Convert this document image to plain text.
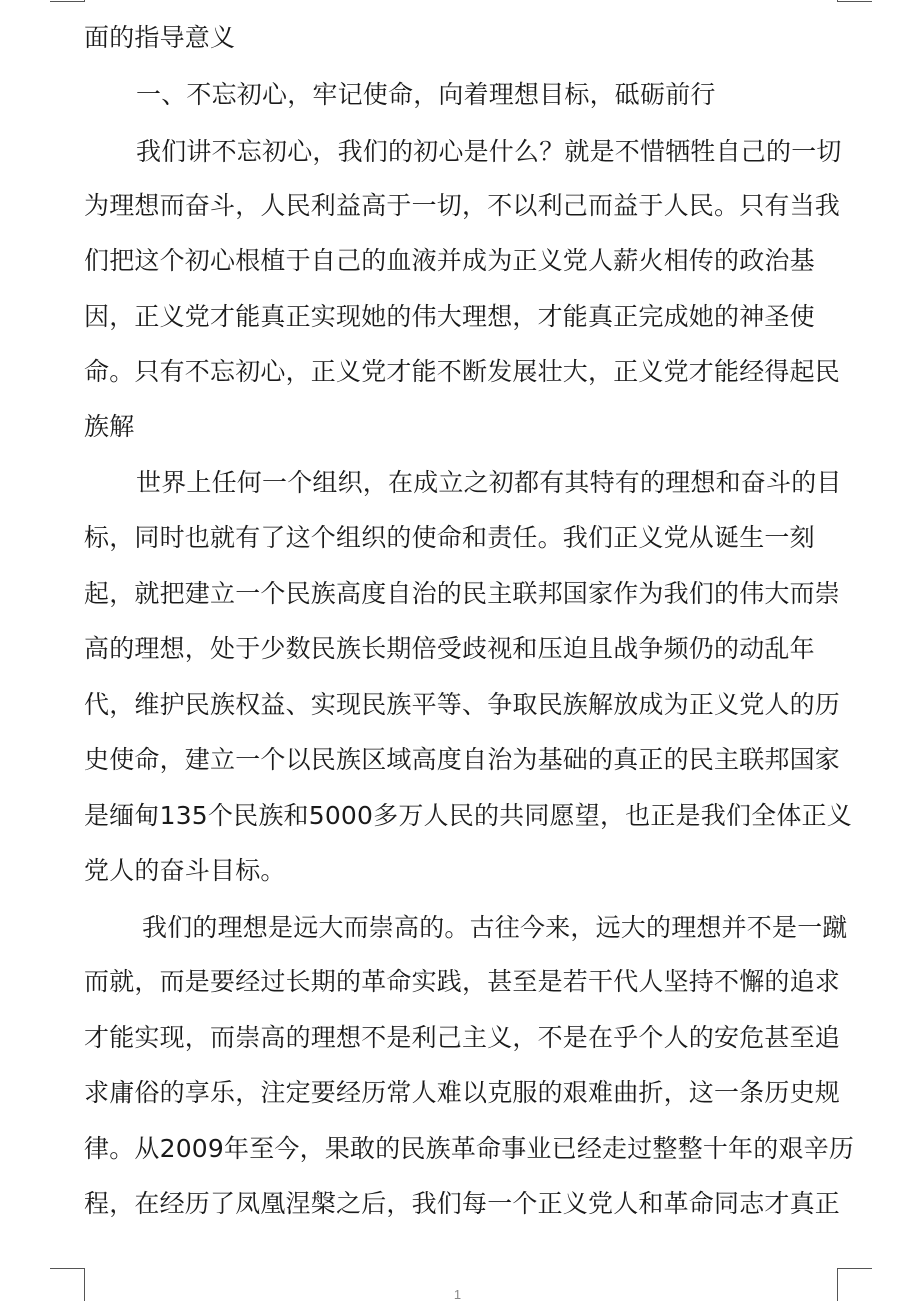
面的指导意义
一、不忘初心，牢记使命，向着理想目标，砥砺前行
我们讲不忘初心，我们的初心是什么？就是不惜牺牲自己的一切
为理想而奋斗，人民利益高于一切，不以利己而益于人民。只有当我
们把这个初心根植于自己的血液并成为正义党人薪火相传的政治基
因，正义党才能真正实现她的伟大理想，才能真正完成她的神圣使
命。只有不忘初心，正义党才能不断发展壮大，正义党才能经得起民
族解
世界上任何一个组织，在成立之初都有其特有的理想和奋斗的目
标，同时也就有了这个组织的使命和责任。我们正义党从诞生一刻
起，就把建立一个民族高度自治的民主联邦国家作为我们的伟大而崇
高的理想，处于少数民族长期倍受歧视和压迫且战争频仍的动乱年
代，维护民族权益、实现民族平等、争取民族解放成为正义党人的历
史使命，建立一个以民族区域高度自治为基础的真正的民主联邦国家
是缅甸135个民族和5000多万人民的共同愿望，也正是我们全体正义
党人的奋斗目标。
我们的理想是远大而崇高的。古往今来，远大的理想并不是一蹴
而就，而是要经过长期的革命实践，甚至是若干代人坚持不懈的追求
才能实现，而崇高的理想不是利己主义，不是在乎个人的安危甚至追
求庸俗的享乐，注定要经历常人难以克服的艰难曲折，这一条历史规
律。从2009年至今，果敢的民族革命事业已经走过整整十年的艰辛历
程，在经历了凤凰涅槃之后，我们每一个正义党人和革命同志才真正
1
